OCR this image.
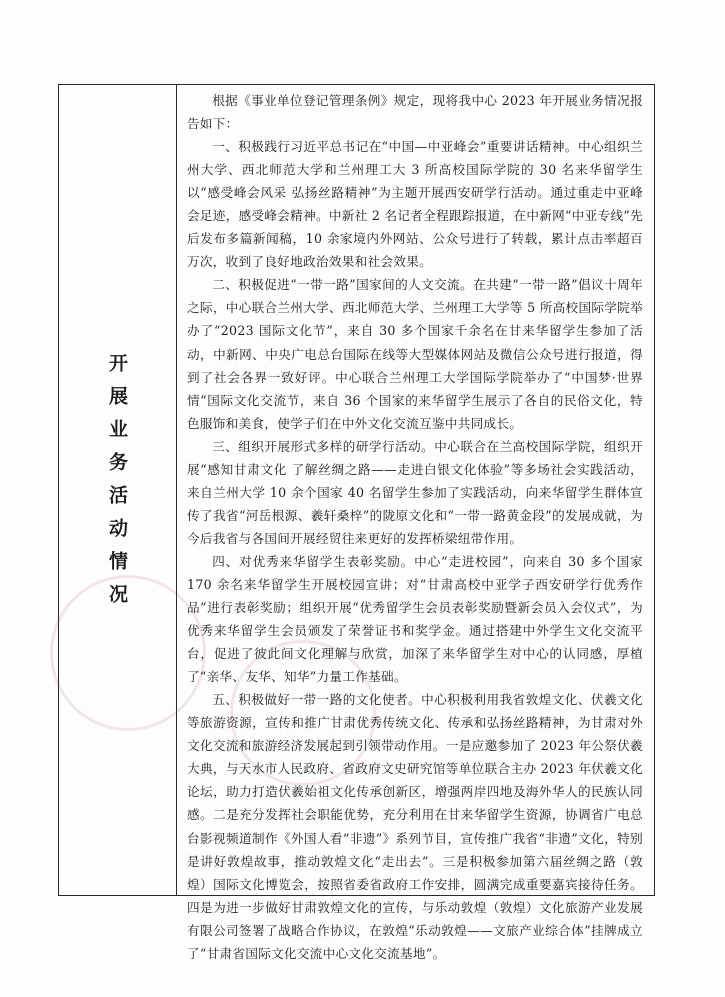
开展业务活动情况

根据《事业单位登记管理条例》规定，现将我中心 2023 年开展业务情况报告如下：

一、积极践行习近平总书记在“中国—中亚峰会”重要讲话精神。中心组织兰州大学、西北师范大学和兰州理工大 3 所高校国际学院的 30 名来华留学生以“感受峰会风采 弘扬丝路精神”为主题开展西安研学行活动。通过重走中亚峰会足迹，感受峰会精神。中新社 2 名记者全程跟踪报道，在中新网“中亚专线”先后发布多篇新闻稿，10 余家境内外网站、公众号进行了转载，累计点击率超百万次，收到了良好地政治效果和社会效果。

二、积极促进“一带一路”国家间的人文交流。在共建“一带一路”倡议十周年之际，中心联合兰州大学、西北师范大学、兰州理工大学等 5 所高校国际学院举办了“2023 国际文化节”，来自 30 多个国家千余名在甘来华留学生参加了活动，中新网、中央广电总台国际在线等大型媒体网站及微信公众号进行报道，得到了社会各界一致好评。中心联合兰州理工大学国际学院举办了“中国梦·世界情”国际文化交流节，来自 36 个国家的来华留学生展示了各自的民俗文化，特色服饰和美食，使学子们在中外文化交流互鉴中共同成长。

三、组织开展形式多样的研学行活动。中心联合在兰高校国际学院，组织开展“感知甘肃文化 了解丝绸之路——走进白银文化体验”等多场社会实践活动，来自兰州大学 10 余个国家 40 名留学生参加了实践活动，向来华留学生群体宣传了我省“河岳根源、羲轩桑梓”的陇原文化和“一带一路黄金段”的发展成就，为今后我省与各国间开展经贸往来更好的发挥桥梁纽带作用。

四、对优秀来华留学生表彰奖励。中心“走进校园”，向来自 30 多个国家 170 余名来华留学生开展校园宣讲；对“甘肃高校中亚学子西安研学行优秀作品”进行表彰奖励；组织开展“优秀留学生会员表彰奖励暨新会员入会仪式”，为优秀来华留学生会员颁发了荣誉证书和奖学金。通过搭建中外学生文化交流平台，促进了彼此间文化理解与欣赏，加深了来华留学生对中心的认同感，厚植了“亲华、友华、知华”力量工作基础。

五、积极做好一带一路的文化使者。中心积极利用我省敦煌文化、伏羲文化等旅游资源，宣传和推广甘肃优秀传统文化、传承和弘扬丝路精神，为甘肃对外文化交流和旅游经济发展起到引领带动作用。一是应邀参加了 2023 年公祭伏羲大典，与天水市人民政府、省政府文史研究馆等单位联合主办 2023 年伏羲文化论坛，助力打造伏羲始祖文化传承创新区，增强两岸四地及海外华人的民族认同感。二是充分发挥社会职能优势，充分利用在甘来华留学生资源，协调省广电总台影视频道制作《外国人看“非遗”》系列节目，宣传推广我省“非遗”文化，特别是讲好敦煌故事，推动敦煌文化“走出去”。三是积极参加第六届丝绸之路（敦煌）国际文化博览会，按照省委省政府工作安排，圆满完成重要嘉宾接待任务。四是为进一步做好甘肃敦煌文化的宣传，与乐动敦煌（敦煌）文化旅游产业发展有限公司签署了战略合作协议，在敦煌“乐动敦煌——文旅产业综合体”挂牌成立了“甘肃省国际文化交流中心文化交流基地”。
